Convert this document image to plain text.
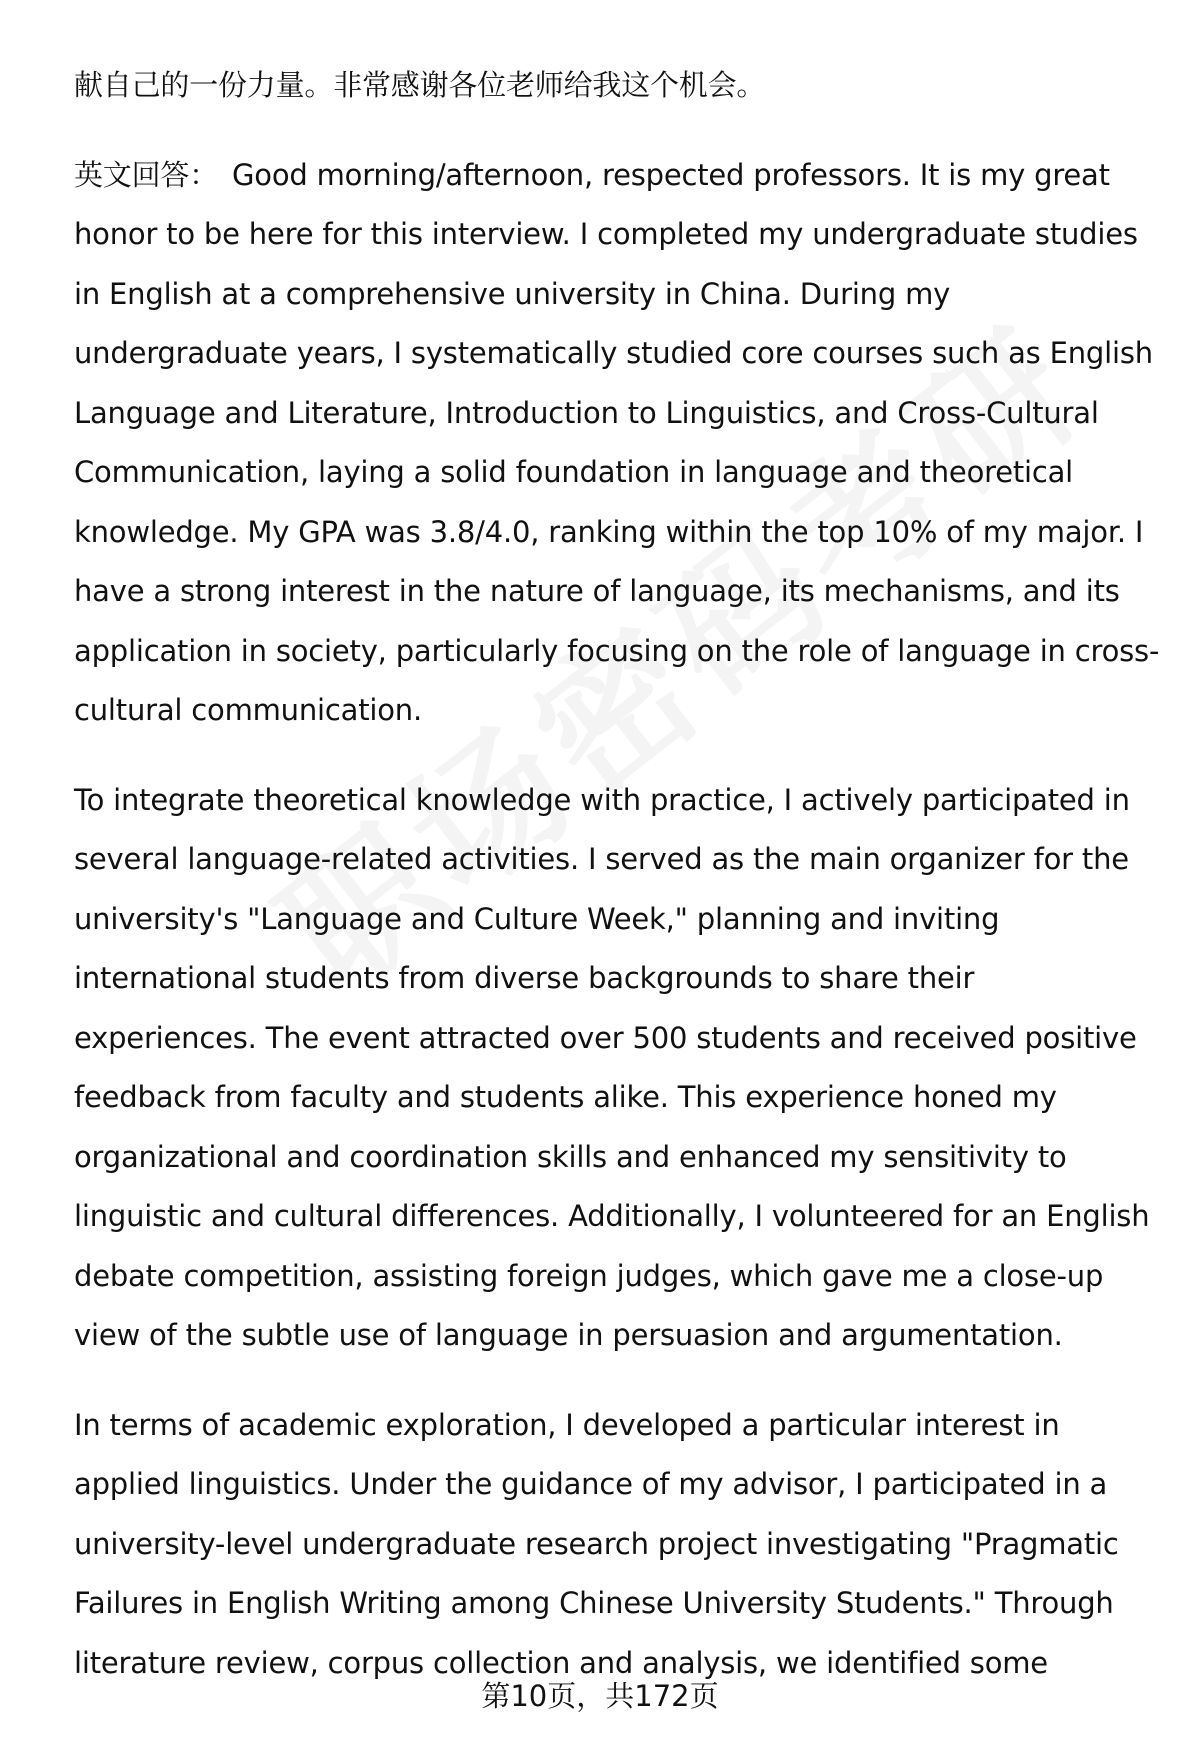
献自己的一份力量。非常感谢各位老师给我这个机会。

英文回答： Good morning/afternoon, respected professors. It is my great honor to be here for this interview. I completed my undergraduate studies in English at a comprehensive university in China. During my undergraduate years, I systematically studied core courses such as English Language and Literature, Introduction to Linguistics, and Cross-Cultural Communication, laying a solid foundation in language and theoretical knowledge. My GPA was 3.8/4.0, ranking within the top 10% of my major. I have a strong interest in the nature of language, its mechanisms, and its application in society, particularly focusing on the role of language in cross-cultural communication.

To integrate theoretical knowledge with practice, I actively participated in several language-related activities. I served as the main organizer for the university's "Language and Culture Week," planning and inviting international students from diverse backgrounds to share their experiences. The event attracted over 500 students and received positive feedback from faculty and students alike. This experience honed my organizational and coordination skills and enhanced my sensitivity to linguistic and cultural differences. Additionally, I volunteered for an English debate competition, assisting foreign judges, which gave me a close-up view of the subtle use of language in persuasion and argumentation.

In terms of academic exploration, I developed a particular interest in applied linguistics. Under the guidance of my advisor, I participated in a university-level undergraduate research project investigating "Pragmatic Failures in English Writing among Chinese University Students." Through literature review, corpus collection and analysis, we identified some

第10页，共172页
